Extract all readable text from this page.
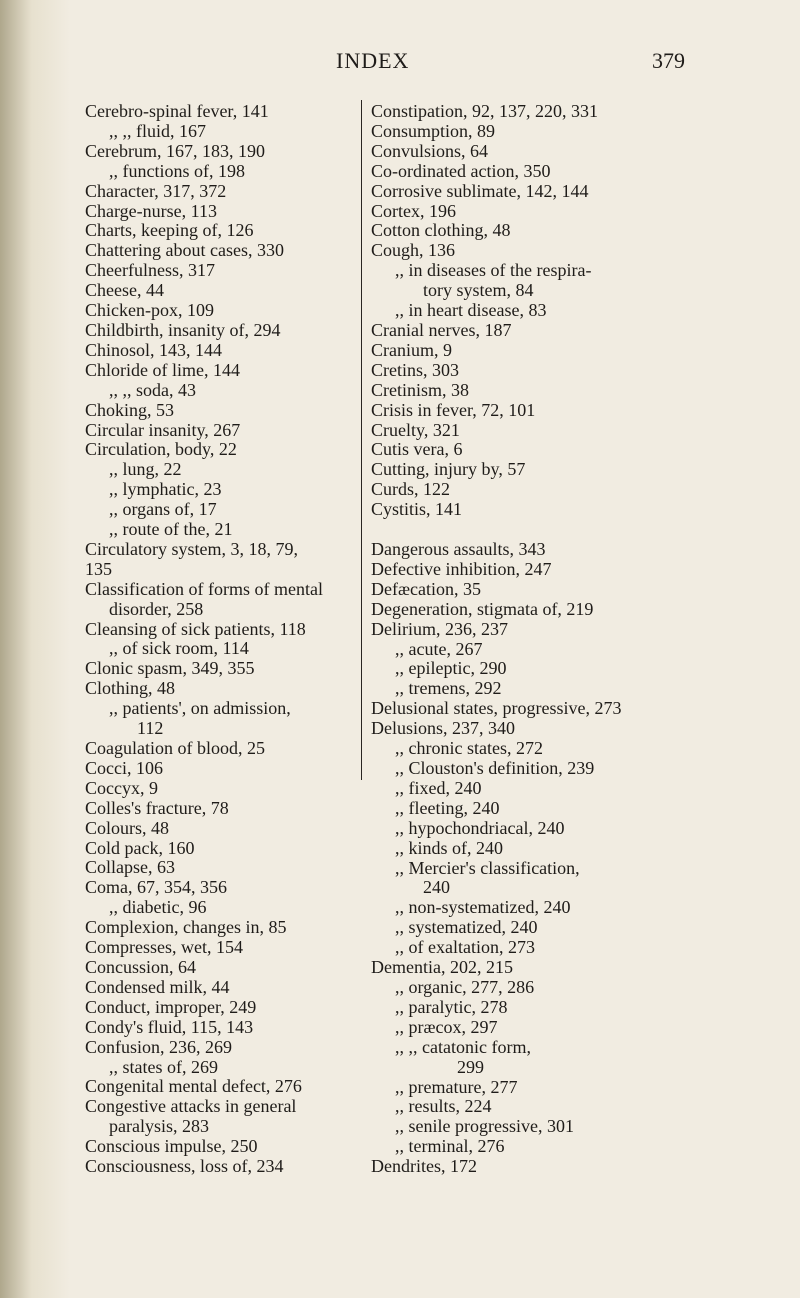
INDEX	379
Cerebro-spinal fever, 141
,, ,, fluid, 167
Cerebrum, 167, 183, 190
,, functions of, 198
Character, 317, 372
Charge-nurse, 113
Charts, keeping of, 126
Chattering about cases, 330
Cheerfulness, 317
Cheese, 44
Chicken-pox, 109
Childbirth, insanity of, 294
Chinosol, 143, 144
Chloride of lime, 144
,, ,, soda, 43
Choking, 53
Circular insanity, 267
Circulation, body, 22
,, lung, 22
,, lymphatic, 23
,, organs of, 17
,, route of the, 21
Circulatory system, 3, 18, 79,
135
Classification of forms of mental
disorder, 258
Cleansing of sick patients, 118
,, of sick room, 114
Clonic spasm, 349, 355
Clothing, 48
,, patients', on admission,
112
Coagulation of blood, 25
Cocci, 106
Coccyx, 9
Colles's fracture, 78
Colours, 48
Cold pack, 160
Collapse, 63
Coma, 67, 354, 356
,, diabetic, 96
Complexion, changes in, 85
Compresses, wet, 154
Concussion, 64
Condensed milk, 44
Conduct, improper, 249
Condy's fluid, 115, 143
Confusion, 236, 269
,, states of, 269
Congenital mental defect, 276
Congestive attacks in general
paralysis, 283
Conscious impulse, 250
Consciousness, loss of, 234
Constipation, 92, 137, 220, 331
Consumption, 89
Convulsions, 64
Co-ordinated action, 350
Corrosive sublimate, 142, 144
Cortex, 196
Cotton clothing, 48
Cough, 136
,, in diseases of the respira-
tory system, 84
,, in heart disease, 83
Cranial nerves, 187
Cranium, 9
Cretins, 303
Cretinism, 38
Crisis in fever, 72, 101
Cruelty, 321
Cutis vera, 6
Cutting, injury by, 57
Curds, 122
Cystitis, 141
Dangerous assaults, 343
Defective inhibition, 247
Defæcation, 35
Degeneration, stigmata of, 219
Delirium, 236, 237
,, acute, 267
,, epileptic, 290
,, tremens, 292
Delusional states, progressive, 273
Delusions, 237, 340
,, chronic states, 272
,, Clouston's definition, 239
,, fixed, 240
,, fleeting, 240
,, hypochondriacal, 240
,, kinds of, 240
,, Mercier's classification,
240
,, non-systematized, 240
,, systematized, 240
,, of exaltation, 273
Dementia, 202, 215
,, organic, 277, 286
,, paralytic, 278
,, præcox, 297
,, ,, catatonic form,
299
,, premature, 277
,, results, 224
,, senile progressive, 301
,, terminal, 276
Dendrites, 172
